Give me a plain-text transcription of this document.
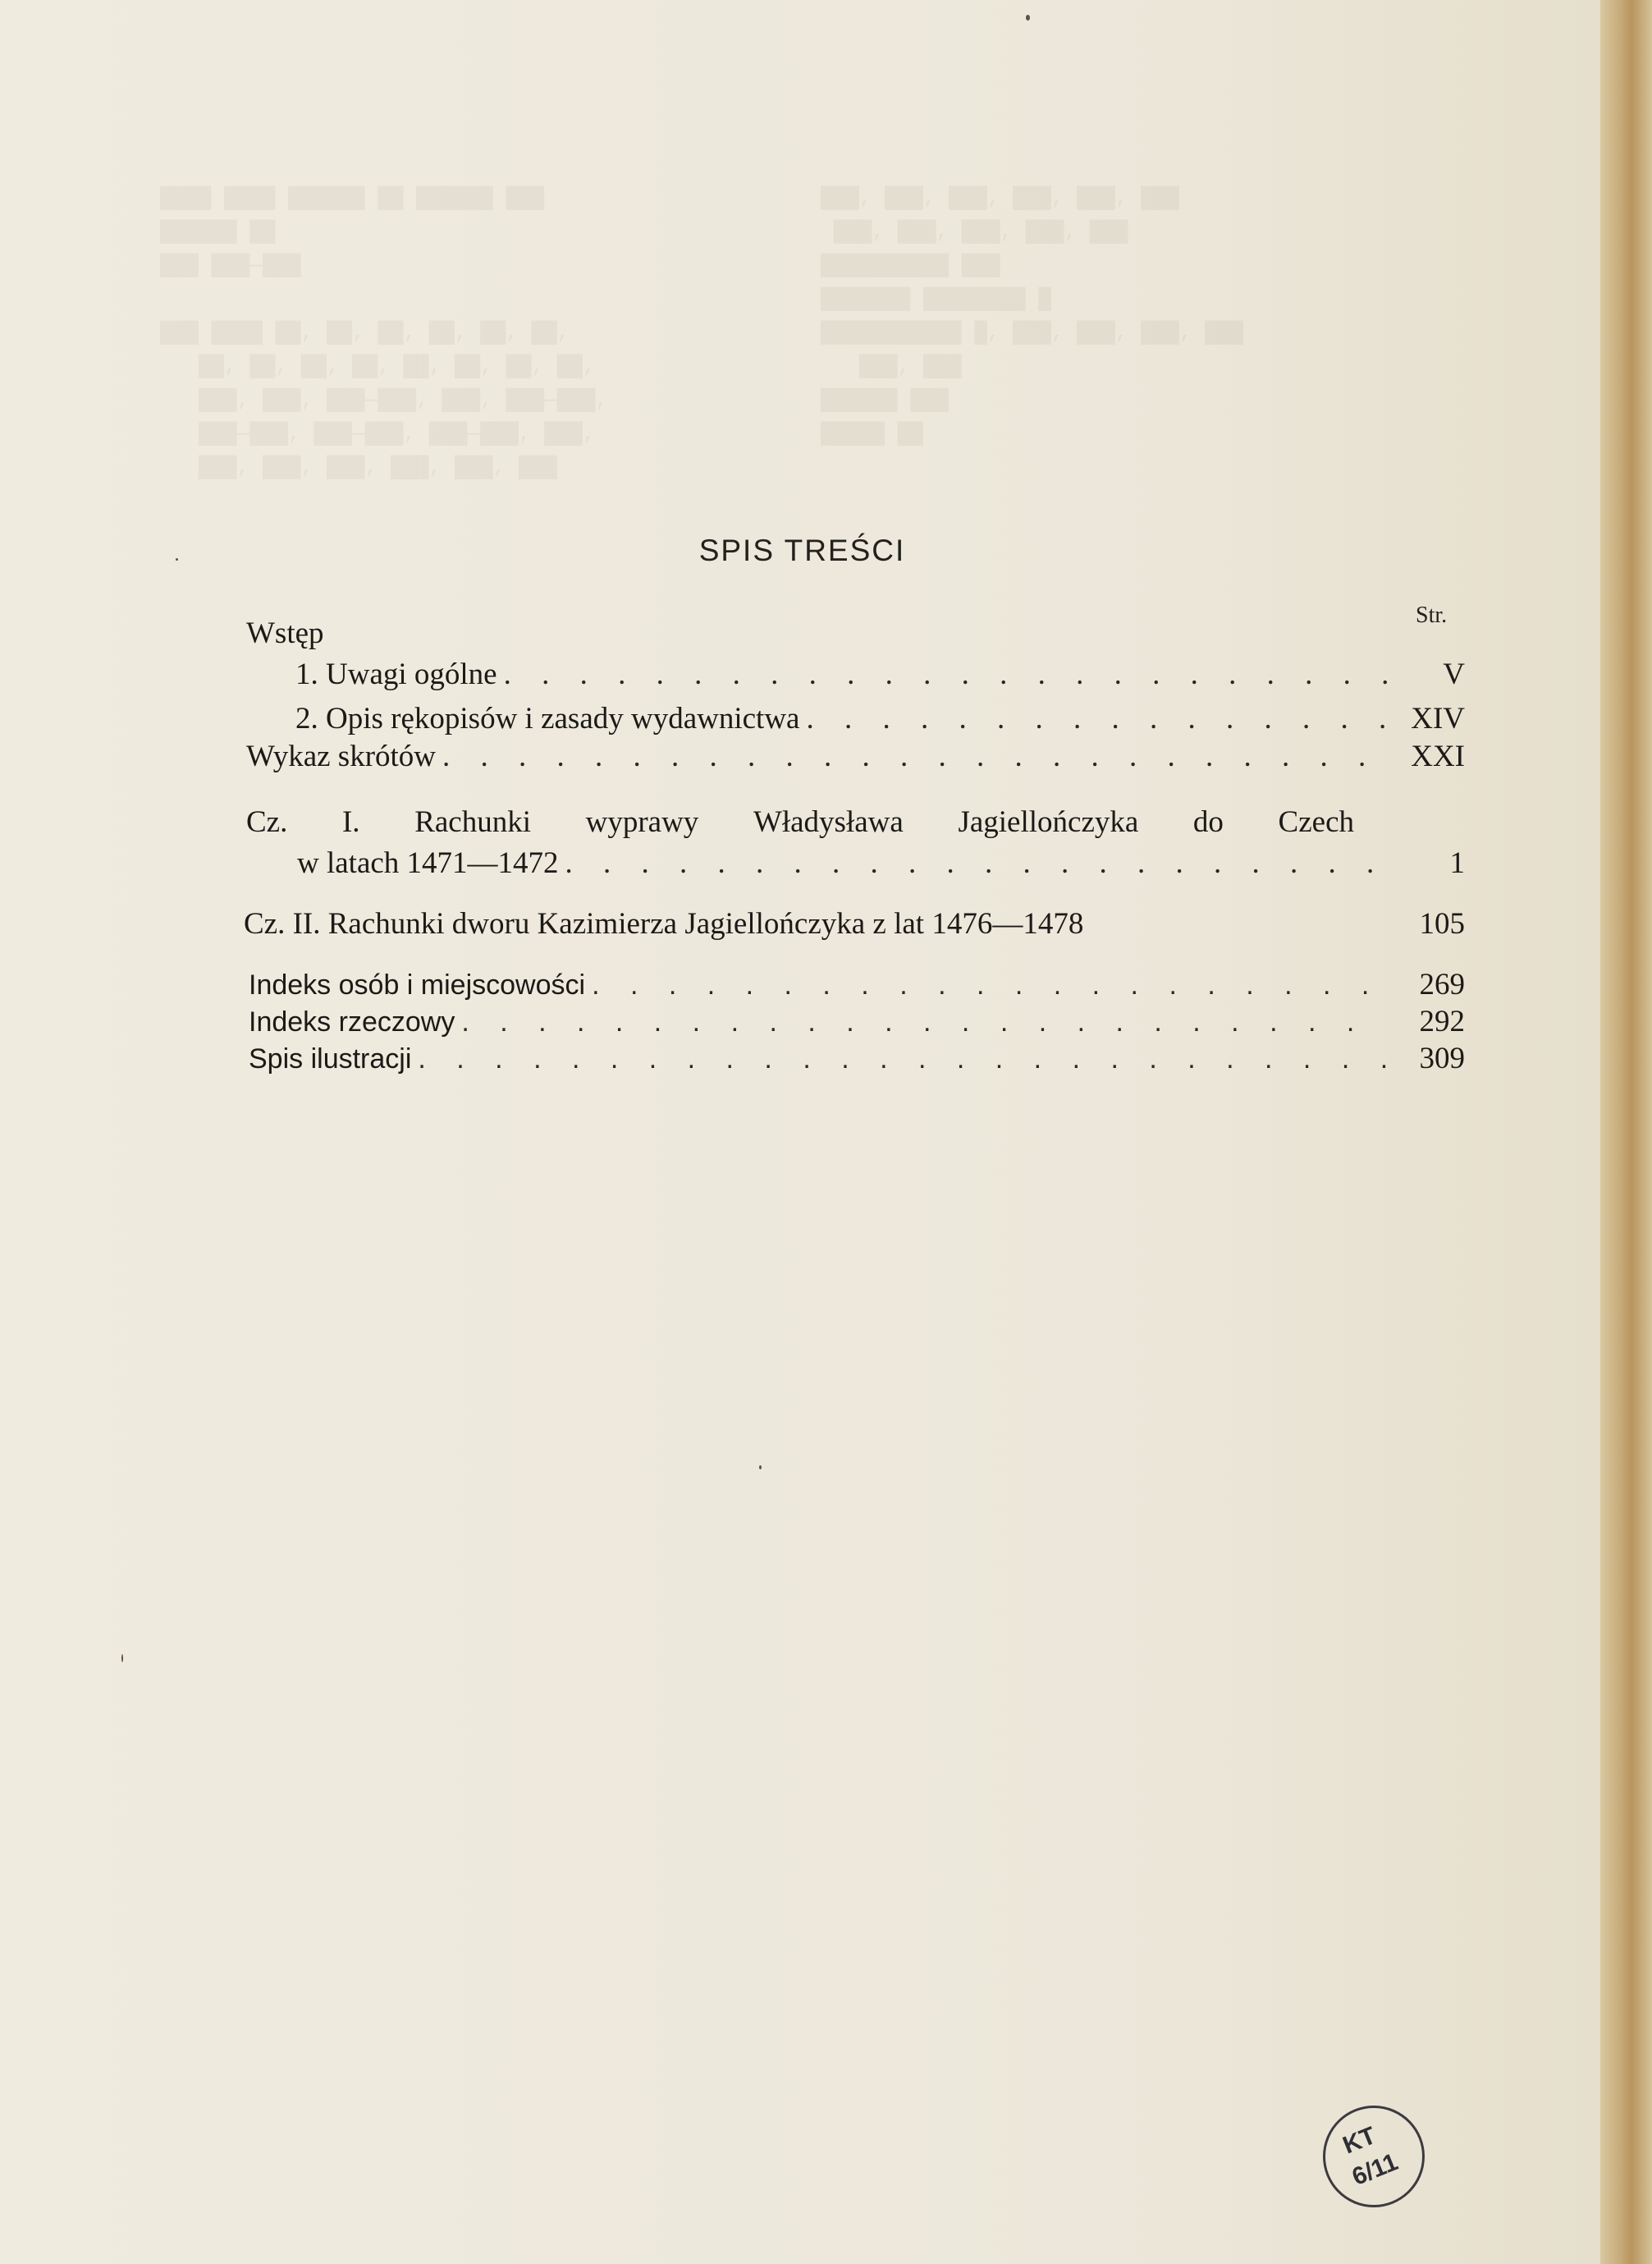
████ ████ ██████ ██ ██████ ███
██████ ██
███ ███—███

███ ████ ██, ██, ██, ██, ██, ██,
██, ██, ██, ██, ██, ██, ██, ██,
███, ███, ███—███, ███, ███—███,
███—███, ███—███, ███—███, ███,
███, ███, ███, ███, ███, ███

███, ███, ███, ███, ███, ███
███, ███, ███, ███, ███
██████████ ███
███████ ████████ █
███████████ █, ███, ███, ███, ███
███, ███
██████ ███
█████ ██

SPIS TREŚCI
Str.
Wstęp
1. Uwagi ogólne . . .	V
2. Opis rękopisów i zasady wydawnictwa . . .	XIV
Wykaz skrótów . . .	XXI
Cz. I. Rachunki wyprawy Władysława Jagiellończyka do Czech
w latach 1471—1472 . . .	1
Cz. II. Rachunki dworu Kazimierza Jagiellończyka z lat 1476—1478	105
Indeks osób i miejscowości . . .	269
Indeks rzeczowy . . .	292
Spis ilustracji . . .	309
KT
6/11
